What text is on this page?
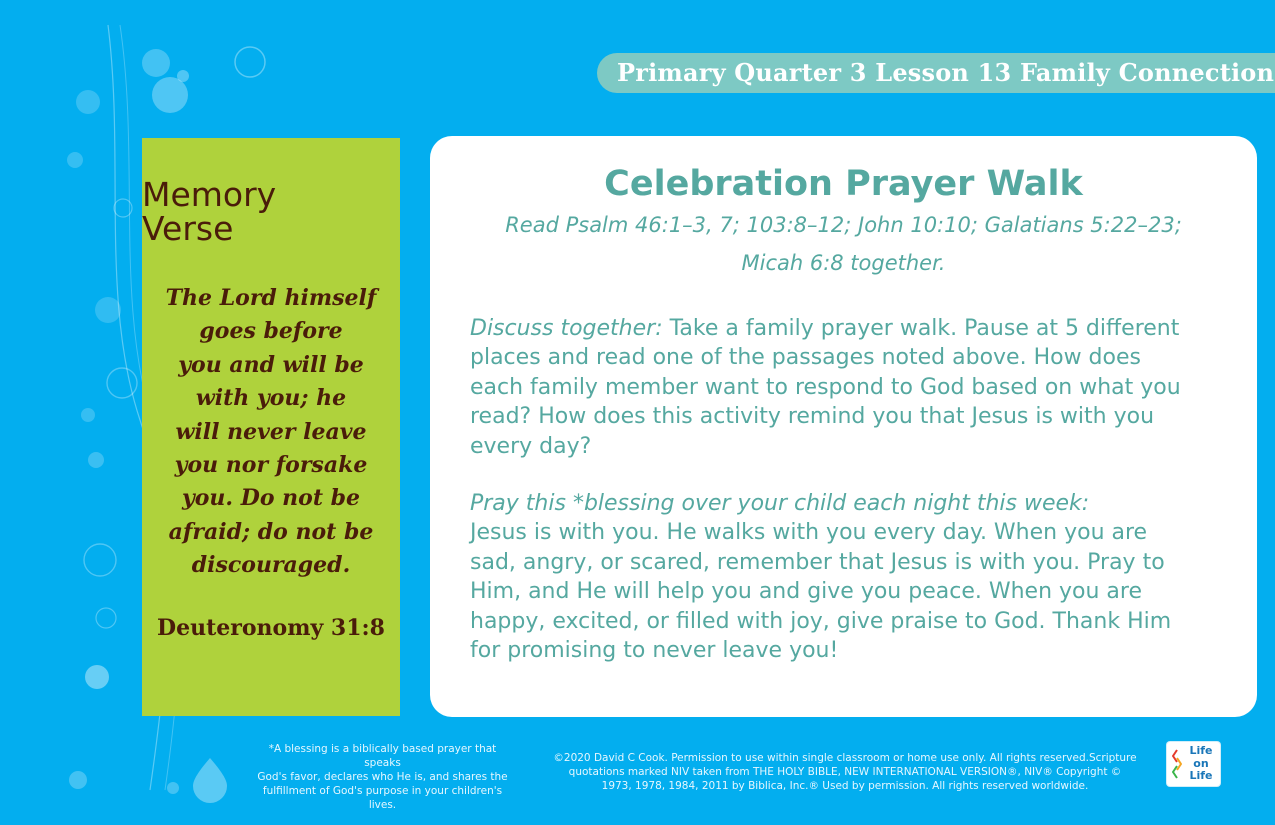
Primary Quarter 3 Lesson 13 Family Connection
Memory
Verse
The Lord himself
goes before
you and will be
with you; he
will never leave
you nor forsake
you. Do not be
afraid; do not be
discouraged.
Deuteronomy 31:8
Celebration Prayer Walk
Read Psalm 46:1–3, 7; 103:8–12; John 10:10; Galatians 5:22–23;
Micah 6:8 together.
Discuss together: Take a family prayer walk. Pause at 5 different
places and read one of the passages noted above. How does
each family member want to respond to God based on what you
read? How does this activity remind you that Jesus is with you
every day?
Pray this *blessing over your child each night this week:
Jesus is with you. He walks with you every day. When you are
sad, angry, or scared, remember that Jesus is with you. Pray to
Him, and He will help you and give you peace. When you are
happy, excited, or filled with joy, give praise to God. Thank Him
for promising to never leave you!
*A blessing is a biblically based prayer that speaks
God's favor, declares who He is, and shares the
fulfillment of God's purpose in your children's lives.
©2020 David C Cook. Permission to use within single classroom or home use only. All rights reserved.Scripture
quotations marked NIV taken from THE HOLY BIBLE, NEW INTERNATIONAL VERSION®, NIV® Copyright ©
1973, 1978, 1984, 2011 by Biblica, Inc.® Used by permission. All rights reserved worldwide.
Life
on
Life
